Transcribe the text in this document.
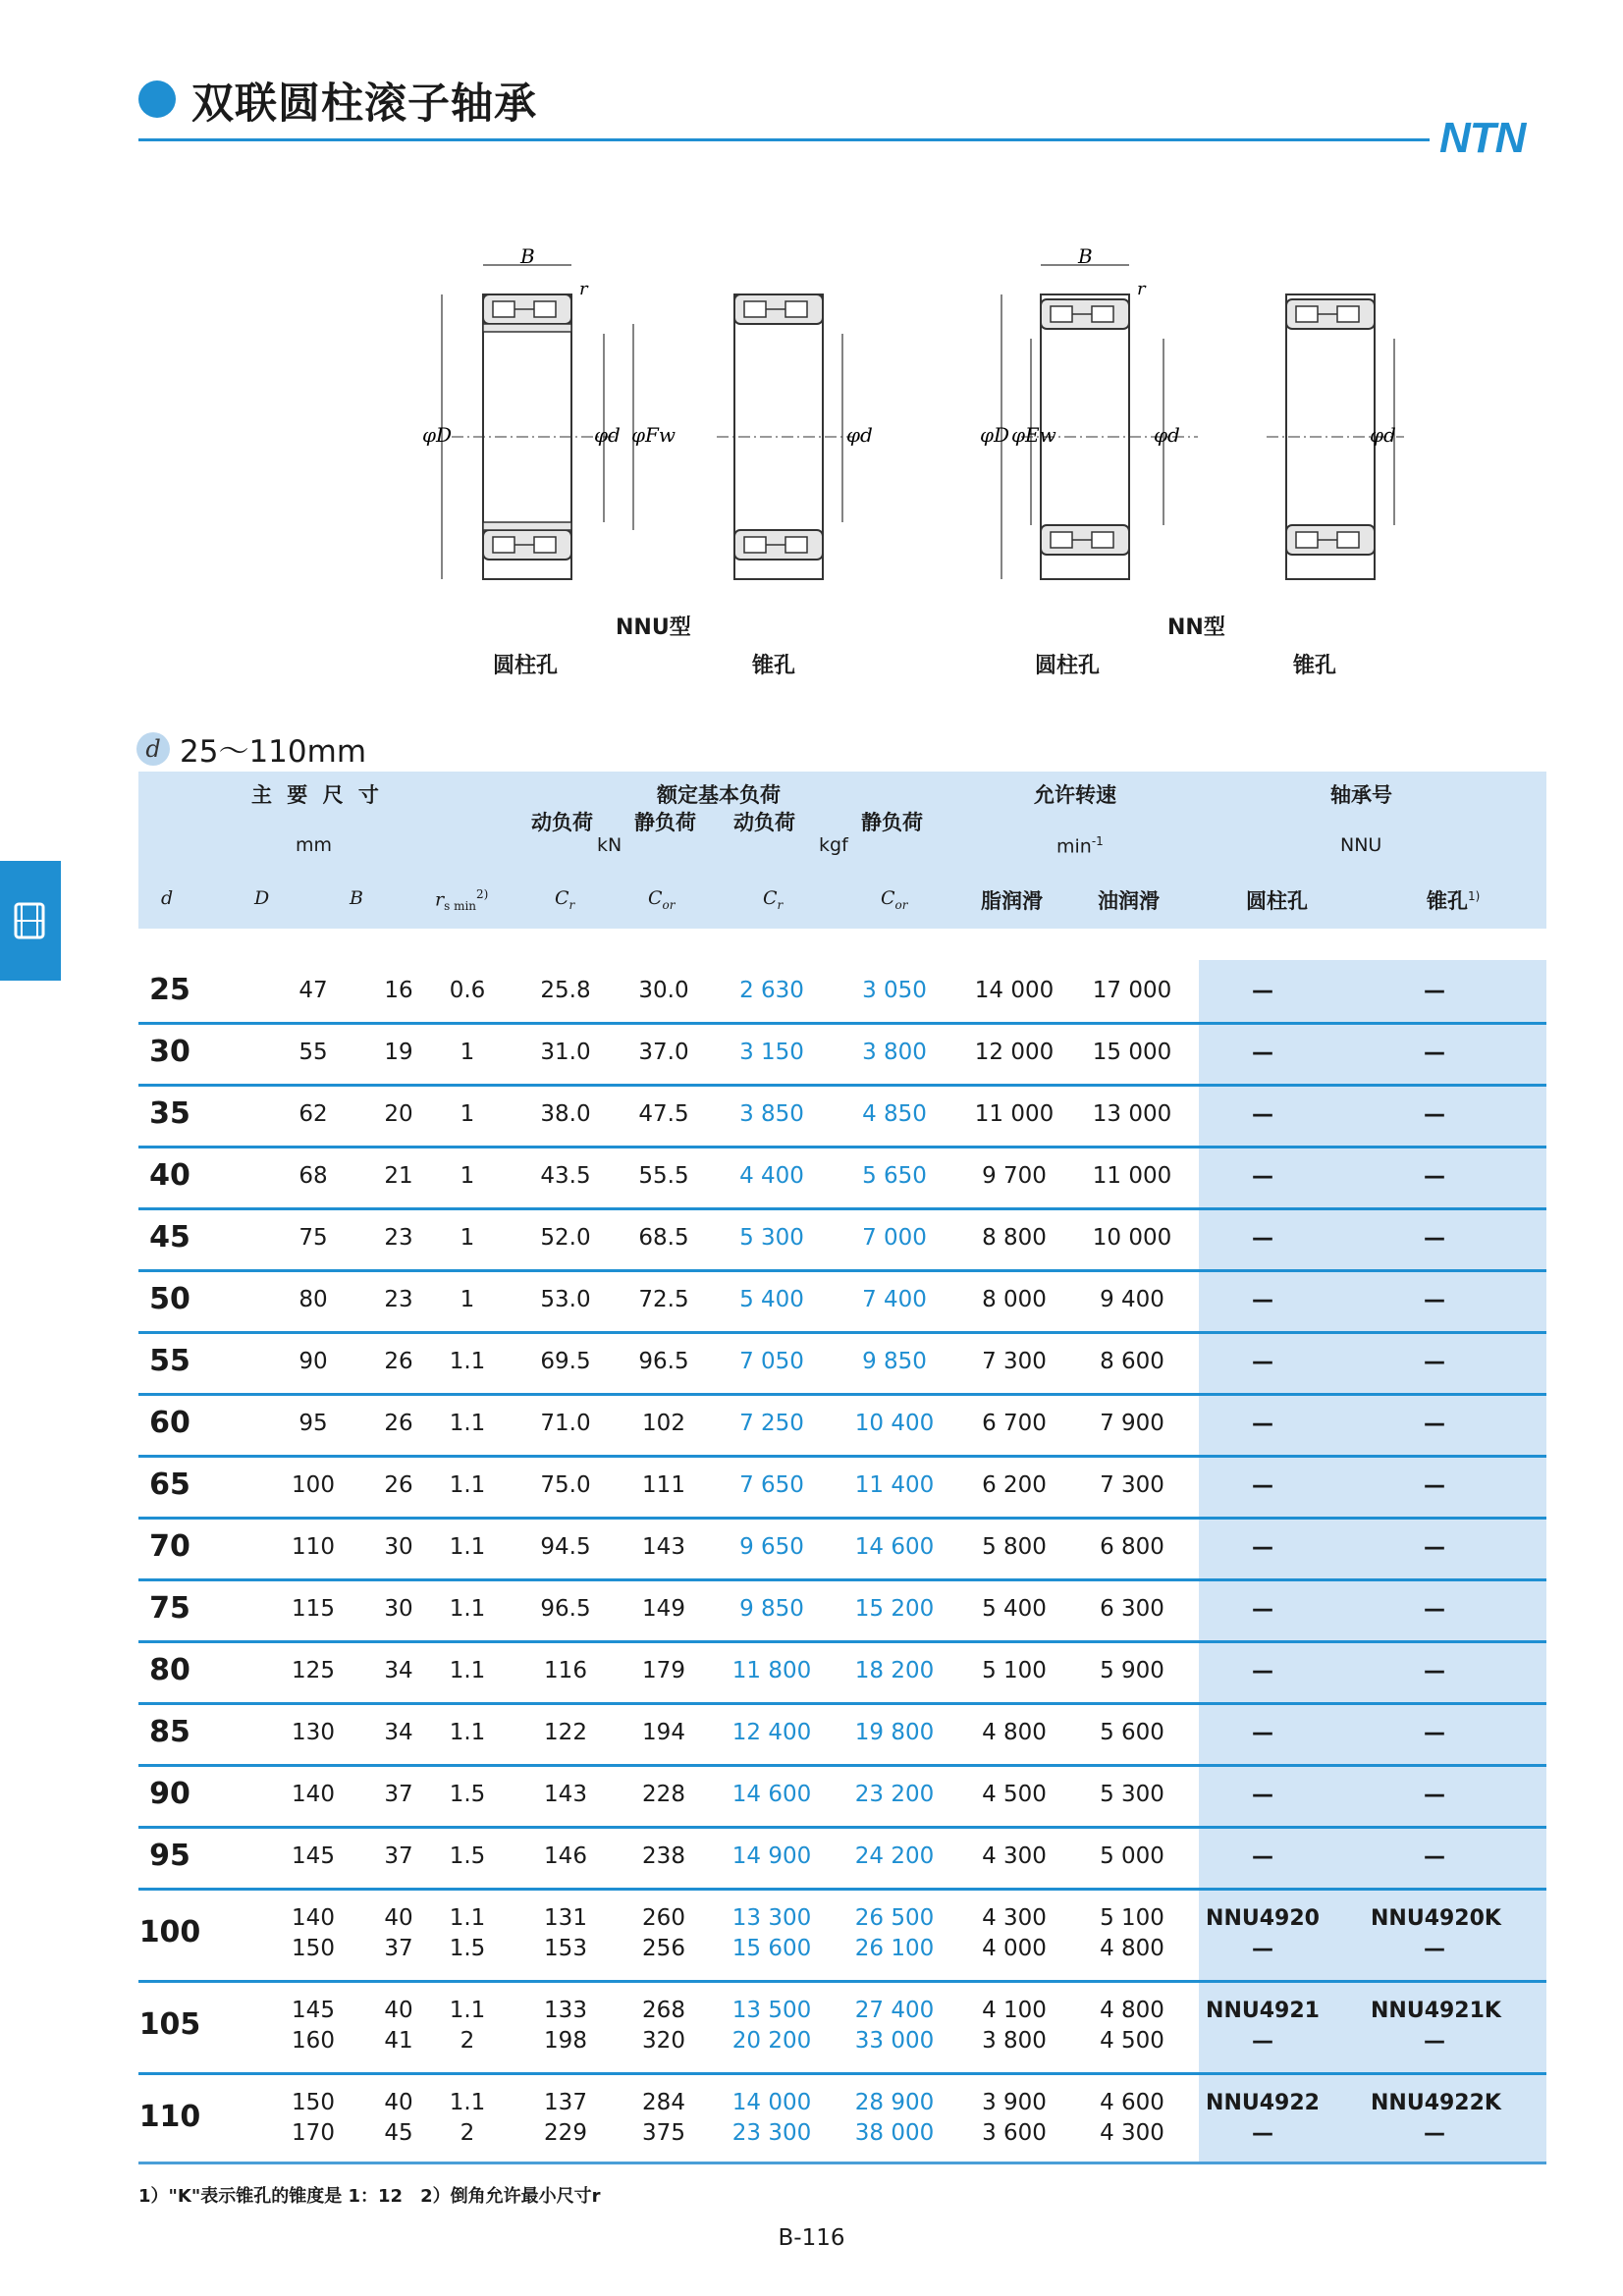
双联圆柱滚子轴承
NTN
B
r
φD	φd φFw	φd
B
r
φD φEw	φd	φd
NNU型
圆柱孔	锥孔
NN型
圆柱孔	锥孔
d 25～110mm
主 要 尺 寸
mm
额定基本负荷
动负荷 静负荷 动负荷	静负荷
kN	kgf
允许转速
$\min^{-1}$
轴承号
NNU
d	D	B	$r_{s min}^{2)}$	$C_r$	$C_{or}$	$C_r$	$C_{or}$	脂润滑	油润滑	圆柱孔	锥孔$^{1)}$
25	47	16	0.6	25.8	30.0	2 630	3 050	14 000	17 000	—	—
30	55	19	1	31.0	37.0	3 150	3 800	12 000	15 000	—	—
35	62	20	1	38.0	47.5	3 850	4 850	11 000	13 000	—	—
40	68	21	1	43.5	55.5	4 400	5 650	9 700	11 000	—	—
45	75	23	1	52.0	68.5	5 300	7 000	8 800	10 000	—	—
50	80	23	1	53.0	72.5	5 400	7 400	8 000	9 400	—	—
55	90	26	1.1	69.5	96.5	7 050	9 850	7 300	8 600	—	—
60	95	26	1.1	71.0	102	7 250	10 400	6 700	7 900	—	—
65	100	26	1.1	75.0	111	7 650	11 400	6 200	7 300	—	—
70	110	30	1.1	94.5	143	9 650	14 600	5 800	6 800	—	—
75	115	30	1.1	96.5	149	9 850	15 200	5 400	6 300	—	—
80	125	34	1.1	116	179	11 800	18 200	5 100	5 900	—	—
85	130	34	1.1	122	194	12 400	19 800	4 800	5 600	—	—
90	140	37	1.5	143	228	14 600	23 200	4 500	5 300	—	—
95	145	37	1.5	146	238	14 900	24 200	4 300	5 000	—	—
100	140	40	1.1	131	260	13 300	26 500	4 300	5 100	NNU4920 NNU4920K
150	37	1.5	153	256	15 600	26 100	4 000	4 800	—	—
105	145	40	1.1	133	268	13 500	27 400	4 100	4 800	NNU4921 NNU4921K
160	41	2	198	320	20 200	33 000	3 800	4 500	—	—
110	150	40	1.1	137	284	14 000	28 900	3 900	4 600	NNU4922 NNU4922K
170	45	2	229	375	23 300	38 000	3 600	4 300	—	—
1）"K"表示锥孔的锥度是 1：12　2）倒角允许最小尺寸r
B-116
